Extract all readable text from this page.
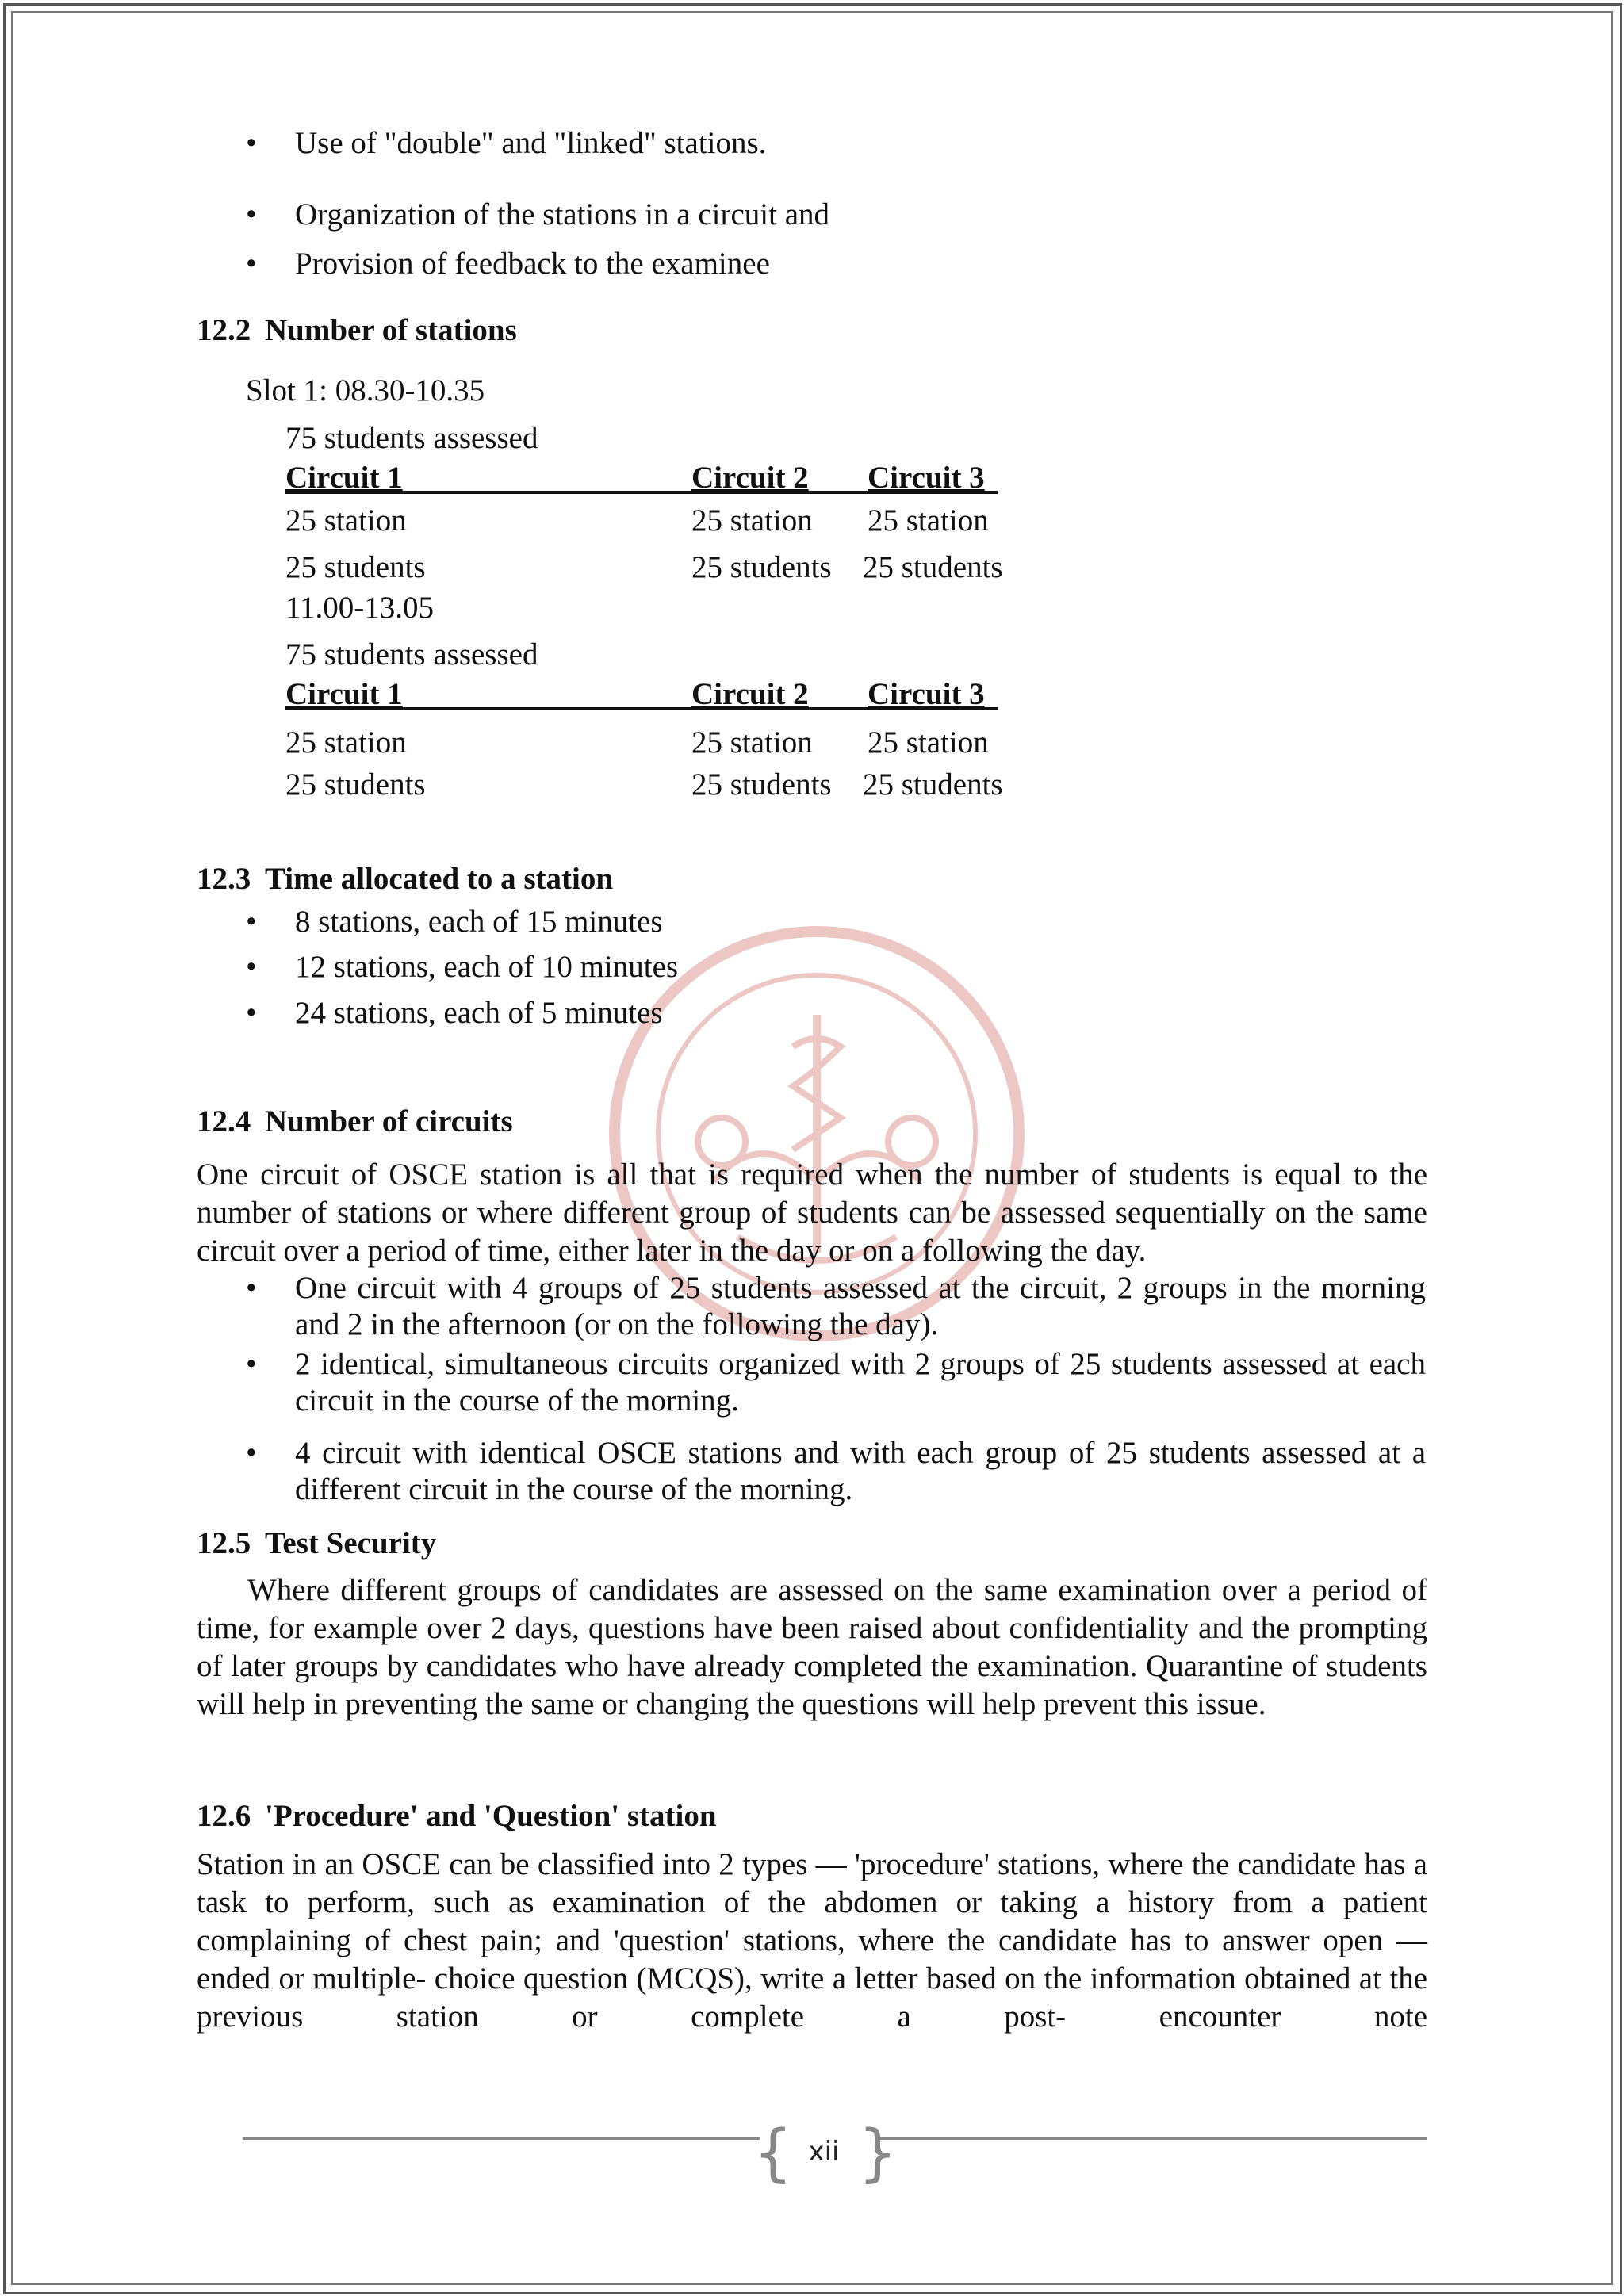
• Use of "double" and "linked" stations.
• Organization of the stations in a circuit and
• Provision of feedback to the examinee
12.2 Number of stations
Slot 1: 08.30-10.35
75 students assessed
Circuit 1	Circuit 2 Circuit 3
25 station	25 station 25 station
25 students	25 students 25 students
11.00-13.05
75 students assessed
Circuit 1	Circuit 2 Circuit 3
25 station	25 station 25 station
25 students	25 students 25 students
12.3 Time allocated to a station
• 8 stations, each of 15 minutes
• 12 stations, each of 10 minutes
• 24 stations, each of 5 minutes
12.4 Number of circuits
One circuit of OSCE station is all that is required when the number of students is equal to the number of stations or where different group of students can be assessed sequentially on the same circuit over a period of time, either later in the day or on a following the day.
• One circuit with 4 groups of 25 students assessed at the circuit, 2 groups in the morning and 2 in the afternoon (or on the following the day).
• 2 identical, simultaneous circuits organized with 2 groups of 25 students assessed at each circuit in the course of the morning.
• 4 circuit with identical OSCE stations and with each group of 25 students assessed at a different circuit in the course of the morning.
12.5 Test Security
Where different groups of candidates are assessed on the same examination over a period of time, for example over 2 days, questions have been raised about confidentiality and the prompting of later groups by candidates who have already completed the examination. Quarantine of students will help in preventing the same or changing the questions will help prevent this issue.
12.6 'Procedure' and 'Question' station
Station in an OSCE can be classified into 2 types — 'procedure' stations, where the candidate has a task to perform, such as examination of the abdomen or taking a history from a patient complaining of chest pain; and 'question' stations, where the candidate has to answer open — ended or multiple- choice question (MCQS), write a letter based on the information obtained at the previous station or complete a post- encounter note
{ }
xii
